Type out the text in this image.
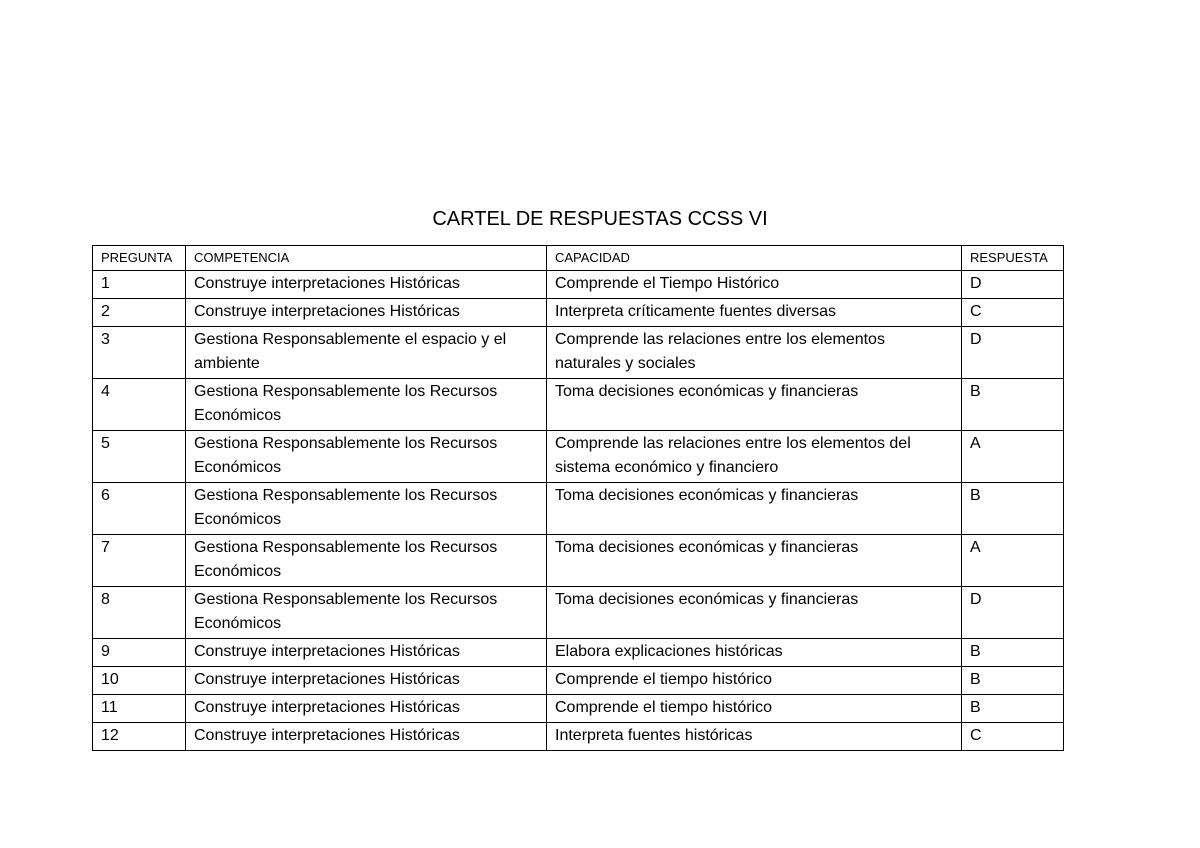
CARTEL DE RESPUESTAS CCSS VI
PREGUNTA	COMPETENCIA	CAPACIDAD	RESPUESTA
1	Construye interpretaciones Históricas	Comprende el Tiempo Histórico	D
2	Construye interpretaciones Históricas	Interpreta críticamente fuentes diversas	C
3	Gestiona Responsablemente el espacio y el ambiente	Comprende las relaciones entre los elementos naturales y sociales	D
4	Gestiona Responsablemente los Recursos Económicos	Toma decisiones económicas y financieras	B
5	Gestiona Responsablemente los Recursos Económicos	Comprende las relaciones entre los elementos del sistema económico y financiero	A
6	Gestiona Responsablemente los Recursos Económicos	Toma decisiones económicas y financieras	B
7	Gestiona Responsablemente los Recursos Económicos	Toma decisiones económicas y financieras	A
8	Gestiona Responsablemente los Recursos Económicos	Toma decisiones económicas y financieras	D
9	Construye interpretaciones Históricas	Elabora explicaciones históricas	B
10	Construye interpretaciones Históricas	Comprende el tiempo histórico	B
11	Construye interpretaciones Históricas	Comprende el tiempo histórico	B
12	Construye interpretaciones Históricas	Interpreta fuentes históricas	C
